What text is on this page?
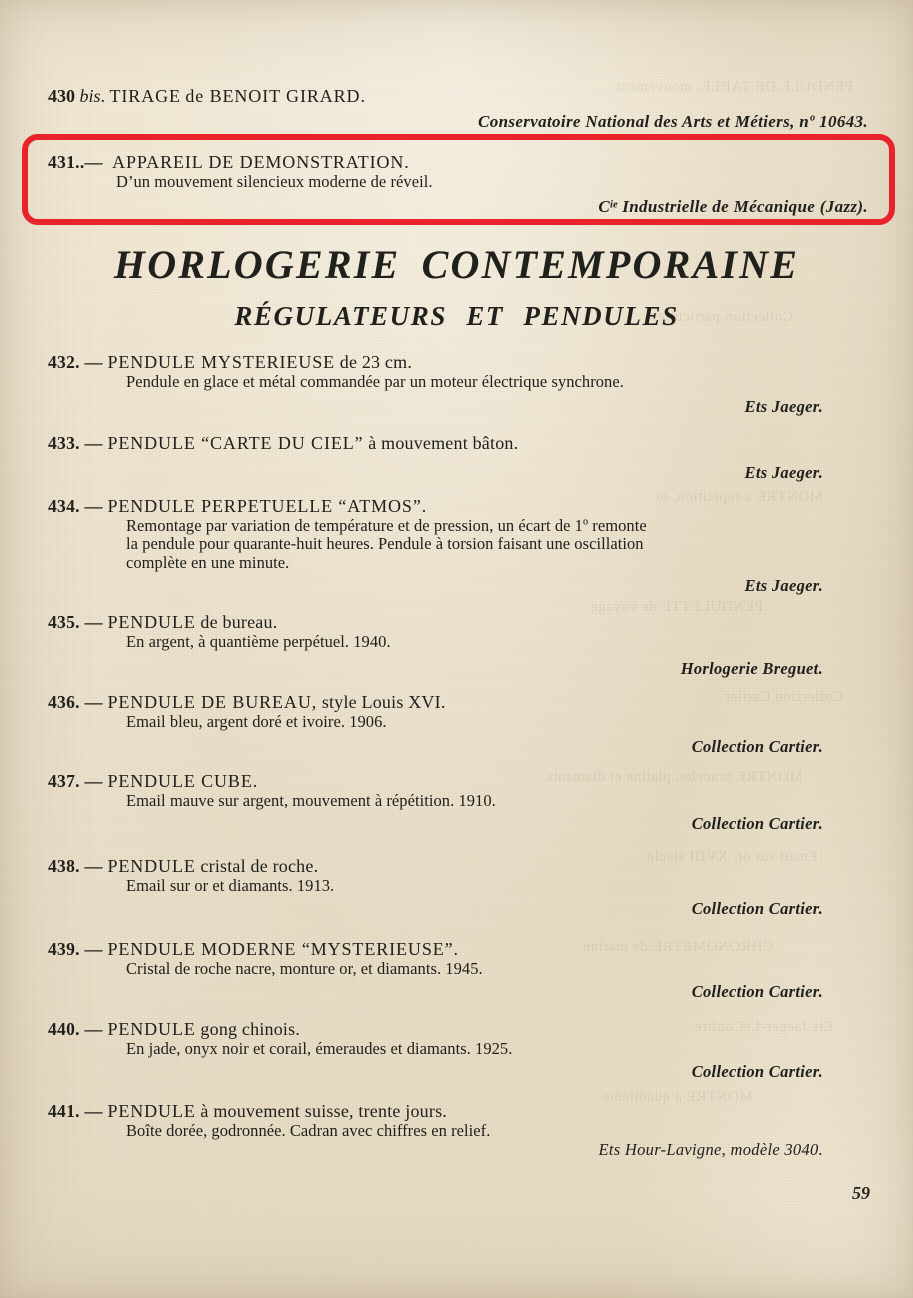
PENDULE DE TABLE, mouvement
Collection particuliere
MONTRE a repetition, or
PENDULETTE de voyage
Collection Cartier
MONTRE bracelet, platine et diamants
Email sur or, XVIII siecle
CHRONOMETRE de marine
Ets Jaeger-LeCoultre
MONTRE a quantieme
430 bis. TIRAGE de BENOIT GIRARD.
Conservatoire National des Arts et Métiers, nº 10643.
431..— APPAREIL DE DEMONSTRATION.
D’un mouvement silencieux moderne de réveil.
$C^{ie}$ Industrielle de Mécanique (Jazz).
HORLOGERIE CONTEMPORAINE
RÉGULATEURS ET PENDULES
432. — PENDULE MYSTERIEUSE de 23 cm.
Pendule en glace et métal commandée par un moteur électrique synchrone.
Ets Jaeger.
433. — PENDULE “CARTE DU CIEL” à mouvement bâton.
Ets Jaeger.
434. — PENDULE PERPETUELLE “ATMOS”.
Remontage par variation de température et de pression, un écart de 1º remonte
la pendule pour quarante-huit heures. Pendule à torsion faisant une oscillation
complète en une minute.
Ets Jaeger.
435. — PENDULE de bureau.
En argent, à quantième perpétuel. 1940.
Horlogerie Breguet.
436. — PENDULE DE BUREAU, style Louis XVI.
Email bleu, argent doré et ivoire. 1906.
Collection Cartier.
437. — PENDULE CUBE.
Email mauve sur argent, mouvement à répétition. 1910.
Collection Cartier.
438. — PENDULE cristal de roche.
Email sur or et diamants. 1913.
Collection Cartier.
439. — PENDULE MODERNE “MYSTERIEUSE”.
Cristal de roche nacre, monture or, et diamants. 1945.
Collection Cartier.
440. — PENDULE gong chinois.
En jade, onyx noir et corail, émeraudes et diamants. 1925.
Collection Cartier.
441. — PENDULE à mouvement suisse, trente jours.
Boîte dorée, godronnée. Cadran avec chiffres en relief.
Ets Hour-Lavigne, modèle 3040.
59
